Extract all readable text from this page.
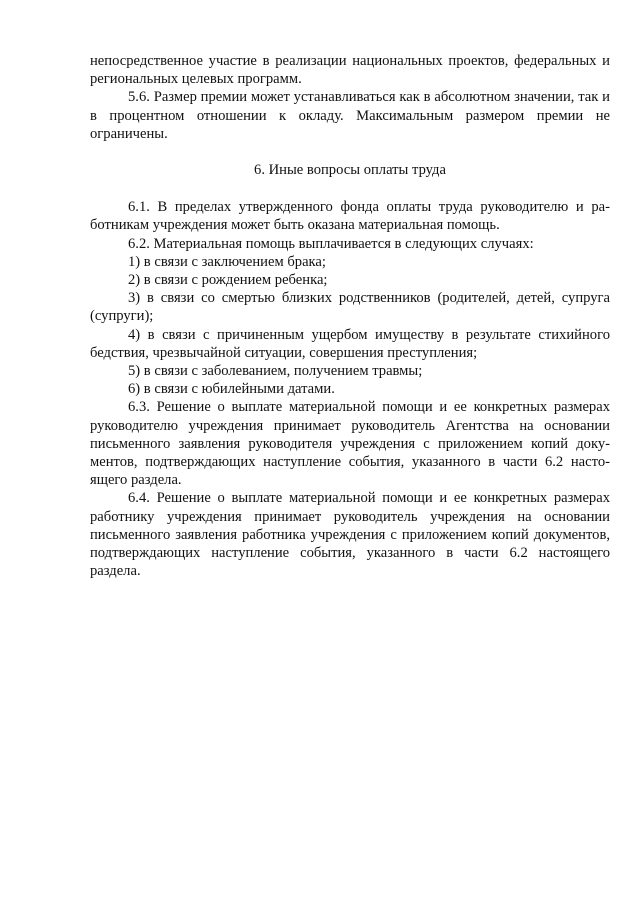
непосредственное участие в реализации национальных проектов, федеральных и региональных целевых программ.

5.6. Размер премии может устанавливаться как в абсолютном значении, так и в процентном отношении к окладу. Максимальным размером премии не ограничены.

6. Иные вопросы оплаты труда

6.1. В пределах утвержденного фонда оплаты труда руководителю и работникам учреждения может быть оказана материальная помощь.

6.2. Материальная помощь выплачивается в следующих случаях:

1) в связи с заключением брака;

2) в связи с рождением ребенка;

3) в связи со смертью близких родственников (родителей, детей, супруга (супруги);

4) в связи с причиненным ущербом имуществу в результате стихийного бедствия, чрезвычайной ситуации, совершения преступления;

5) в связи с заболеванием, получением травмы;

6) в связи с юбилейными датами.

6.3. Решение о выплате материальной помощи и ее конкретных размерах руководителю учреждения принимает руководитель Агентства на основании письменного заявления руководителя учреждения с приложением копий документов, подтверждающих наступление события, указанного в части 6.2 настоящего раздела.

6.4. Решение о выплате материальной помощи и ее конкретных размерах работнику учреждения принимает руководитель учреждения на основании письменного заявления работника учреждения с приложением копий документов, подтверждающих наступление события, указанного в части 6.2 настоящего раздела.
